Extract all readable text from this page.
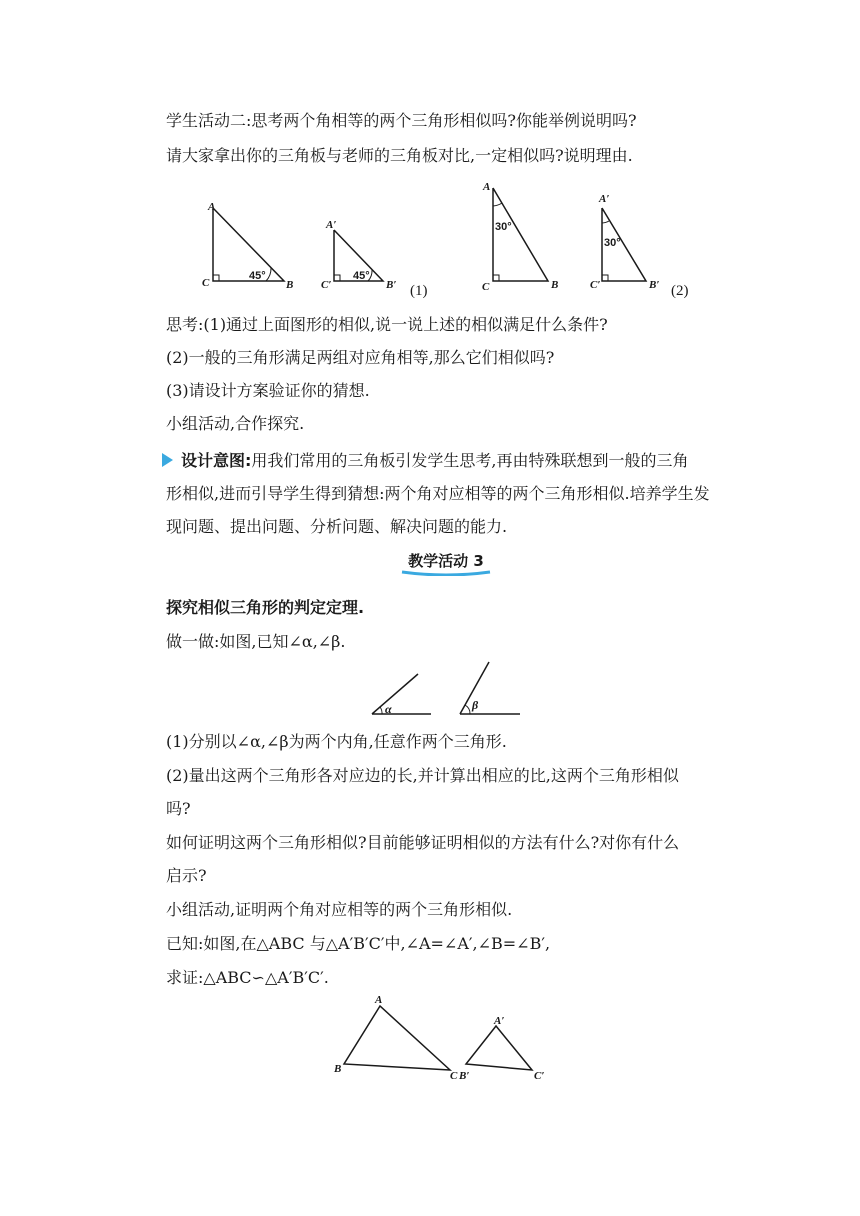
学生活动二:思考两个角相等的两个三角形相似吗?你能举例说明吗?
请大家拿出你的三角板与老师的三角板对比,一定相似吗?说明理由.
A
C	B
45°
A′
C′	B′
45°
(1)
A
C	B
30°
A′
C′	B′
30°
(2)
思考:(1)通过上面图形的相似,说一说上述的相似满足什么条件?
(2)一般的三角形满足两组对应角相等,那么它们相似吗?
(3)请设计方案验证你的猜想.
小组活动,合作探究.
设计意图:用我们常用的三角板引发学生思考,再由特殊联想到一般的三角
形相似,进而引导学生得到猜想:两个角对应相等的两个三角形相似.培养学生发
现问题、提出问题、分析问题、解决问题的能力.
教学活动 3
探究相似三角形的判定定理.
做一做:如图,已知∠α,∠β.
α	β
(1)分别以∠α,∠β为两个内角,任意作两个三角形.
(2)量出这两个三角形各对应边的长,并计算出相应的比,这两个三角形相似
吗?
如何证明这两个三角形相似?目前能够证明相似的方法有什么?对你有什么
启示?
小组活动,证明两个角对应相等的两个三角形相似.
已知:如图,在△ABC 与△A′B′C′中,∠A=∠A′,∠B=∠B′,
求证:△ABC∽△A′B′C′.
A
B
C
A′
B′	C′
